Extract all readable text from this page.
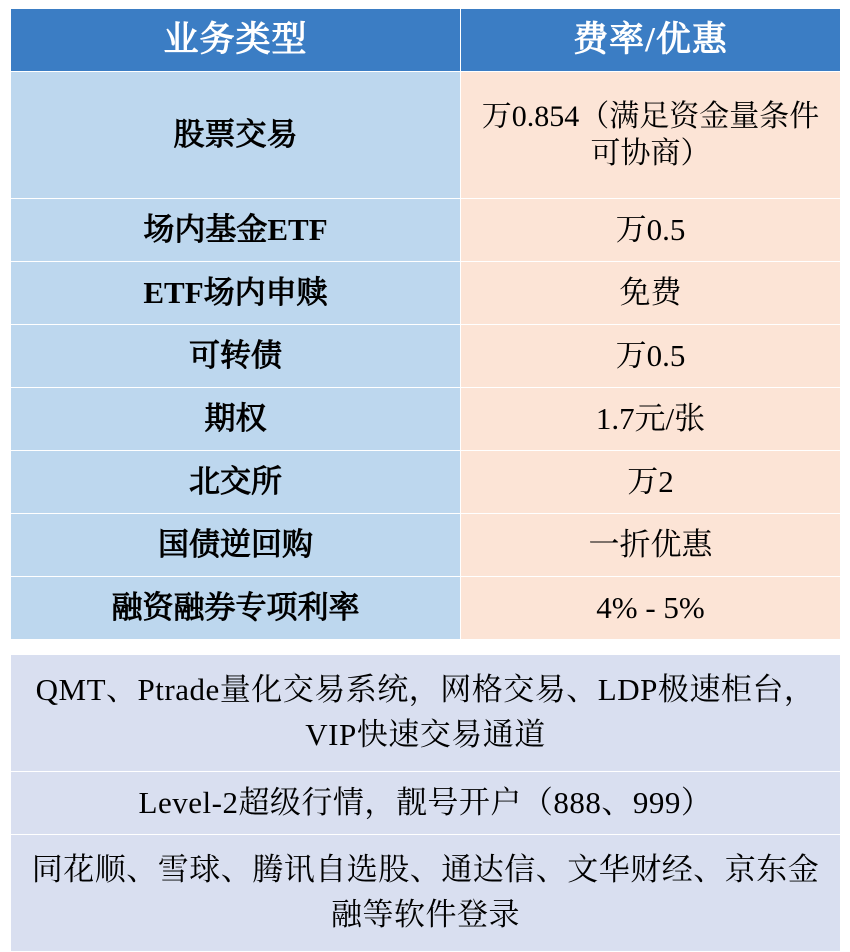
业务类型	费率/优惠
股票交易	万0.854（满足资金量条件可协商）
场内基金ETF	万0.5
ETF场内申赎	免费
可转债	万0.5
期权	1.7元/张
北交所	万2
国债逆回购	一折优惠
融资融券专项利率	4% - 5%

QMT、Ptrade量化交易系统，网格交易、LDP极速柜台，VIP快速交易通道	
Level-2超级行情，靓号开户（888、999）	
同花顺、雪球、腾讯自选股、通达信、文华财经、京东金融等软件登录	
